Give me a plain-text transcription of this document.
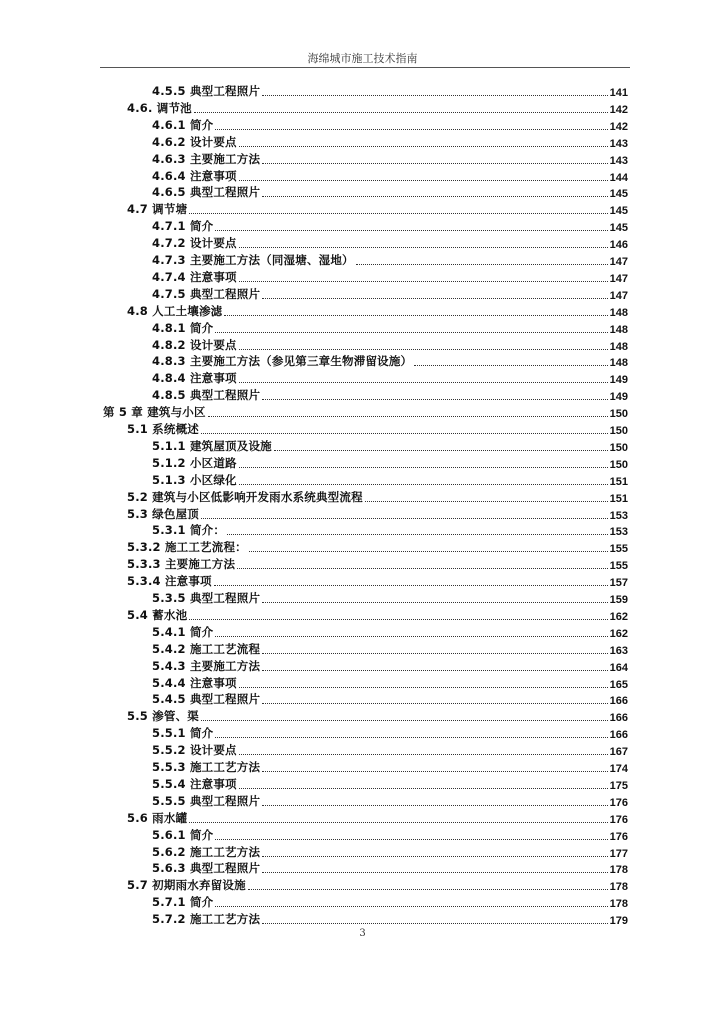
海绵城市施工技术指南
4.5.5 典型工程照片	141
4.6. 调节池	142
4.6.1 简介	142
4.6.2 设计要点	143
4.6.3 主要施工方法	143
4.6.4 注意事项	144
4.6.5 典型工程照片	145
4.7 调节塘	145
4.7.1 简介	145
4.7.2 设计要点	146
4.7.3 主要施工方法（同湿塘、湿地）	147
4.7.4 注意事项	147
4.7.5 典型工程照片	147
4.8 人工土壤渗滤	148
4.8.1 简介	148
4.8.2 设计要点	148
4.8.3 主要施工方法（参见第三章生物滞留设施）	148
4.8.4 注意事项	149
4.8.5 典型工程照片	149
第 5 章 建筑与小区	150
5.1 系统概述	150
5.1.1 建筑屋顶及设施	150
5.1.2 小区道路	150
5.1.3 小区绿化	151
5.2 建筑与小区低影响开发雨水系统典型流程	151
5.3 绿色屋顶	153
5.3.1 简介：	153
5.3.2 施工工艺流程：	155
5.3.3 主要施工方法	155
5.3.4 注意事项	157
5.3.5 典型工程照片	159
5.4 蓄水池	162
5.4.1 简介	162
5.4.2 施工工艺流程	163
5.4.3 主要施工方法	164
5.4.4 注意事项	165
5.4.5 典型工程照片	166
5.5 渗管、渠	166
5.5.1 简介	166
5.5.2 设计要点	167
5.5.3 施工工艺方法	174
5.5.4 注意事项	175
5.5.5 典型工程照片	176
5.6 雨水罐	176
5.6.1 简介	176
5.6.2 施工工艺方法	177
5.6.3 典型工程照片	178
5.7 初期雨水弃留设施	178
5.7.1 简介	178
5.7.2 施工工艺方法	179
3
